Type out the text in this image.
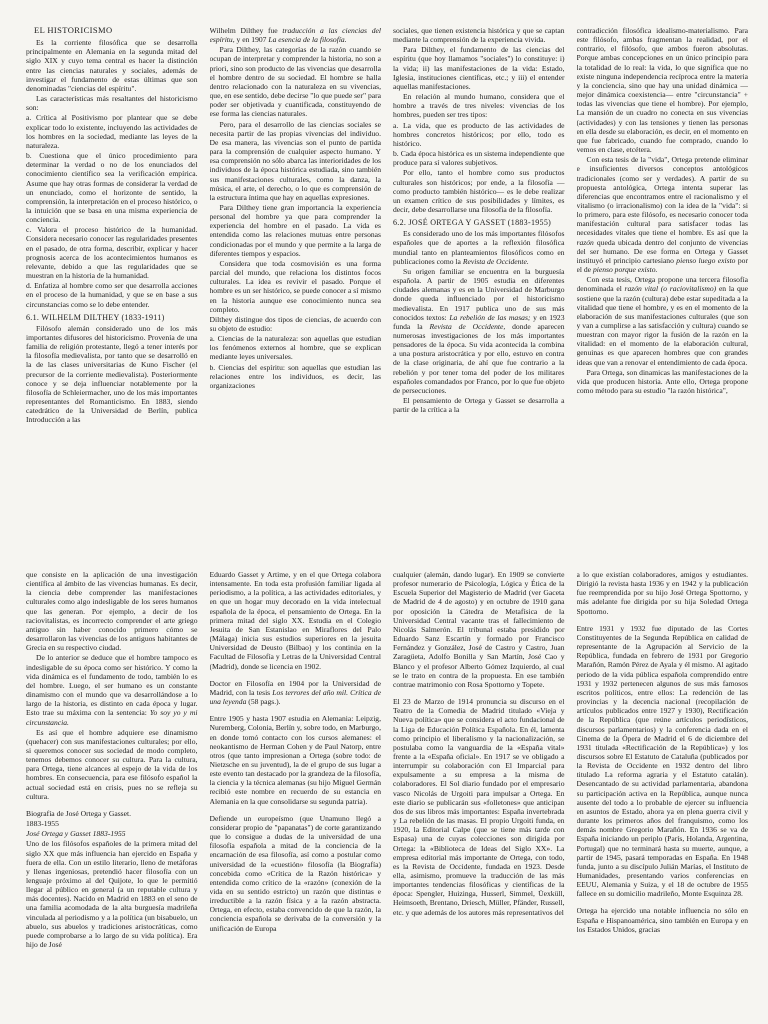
EL HISTORICISMO

Es la corriente filosófica que se desarrolla principalmente en Alemania en la segunda mitad del siglo XIX y cuyo tema central es hacer la distinción entre las ciencias naturales y sociales, además de investigar el fundamento de estas últimas que son denominadas "ciencias del espíritu".

Las características más resaltantes del historicismo son:

a. Crítica al Positivismo por plantear que se debe explicar todo lo existente, incluyendo las actividades de los hombres en la sociedad, mediante las leyes de la naturaleza.

b. Cuestiona que el único procedimiento para determinar la verdad o no de los enunciados del conocimiento científico sea la verificación empírica. Asume que hay otras formas de considerar la verdad de un enunciado, como el horizonte de sentido, la comprensión, la interpretación en el proceso histórico, o la intuición que se basa en una misma experiencia de conciencia.

c. Valora el proceso histórico de la humanidad. Considera necesario conocer las regularidades presentes en el pasado, de otra forma, describir, explicar y hacer prognosis acerca de los acontecimientos humanos es relevante, debido a que las regularidades que se muestran en la historia de la humanidad.

d. Enfatiza al hombre como ser que desarrolla acciones en el proceso de la humanidad, y que se en base a sus circunstancias como se lo debe entender.

6.1. WILHELM DILTHEY (1833-1911)

Filósofo alemán considerado uno de los más importantes difusores del historicismo. Provenía de una familia de religión protestante, llegó a tener interés por la filosofía medievalista, por tanto que se desarrolló en la de las clases universitarias de Kuno Fischer (el precursor de la corriente medievalista). Posteriormente conoce y se deja influenciar notablemente por la filosofía de Schleiermacher, uno de los más importantes representantes del Romanticismo. En 1883, siendo catedrático de la Universidad de Berlín, publica Introducción a las

Wilhelm Dilthey fue traducción a las ciencias del espíritu, y en 1907 La esencia de la filosofía.

Para Dilthey, las categorías de la razón cuando se ocupan de interpretar y comprender la historia, no son a priori, sino son producto de las vivencias que desarrolla el hombre dentro de su sociedad. El hombre se halla dentro relacionado con la naturaleza en su vivencias, que, en ese sentido, debe decirse "lo que puede ser" para poder ser objetivada y cuantificada, constituyendo de ese forma las ciencias naturales.

Pero, para el desarrollo de las ciencias sociales se necesita partir de las propias vivencias del individuo. De esa manera, las vivencias son el punto de partida para la comprensión de cualquier aspecto humano. Y esa comprensión no sólo abarca las interioridades de los individuos de la época histórica estudiada, sino también sus manifestaciones culturales, como la danza, la música, el arte, el derecho, o lo que es comprensión de la estructura íntima que hay en aquellas expresiones.

Para Dilthey tiene gran importancia la experiencia personal del hombre ya que para comprender la experiencia del hombre en el pasado. La vida es entendida como las relaciones mutuas entre personas condicionadas por el mundo y que permite a la larga de diferentes tiempos y espacios.

Considera que toda cosmovisión es una forma parcial del mundo, que relaciona los distintos focos culturales. La idea es revivir el pasado. Porque el hombre es un ser histórico, se puede conocer a sí mismo en la historia aunque ese conocimiento nunca sea completo.

Dilthey distingue dos tipos de ciencias, de acuerdo con su objeto de estudio:

a. Ciencias de la naturaleza: son aquellas que estudian los fenómenos externos al hombre, que se explican mediante leyes universales.

b. Ciencias del espíritu: son aquellas que estudian las relaciones entre los individuos, es decir, las organizaciones

sociales, que tienen existencia histórica y que se captan mediante la comprensión de la experiencia vivida.

Para Dilthey, el fundamento de las ciencias del espíritu (que hoy llamamos "sociales") lo constituye: i) la vida; ii) las manifestaciones de la vida: Estado, Iglesia, instituciones científicas, etc.; y iii) el entender aquellas manifestaciones.

En relación al mundo humano, considera que el hombre a través de tres niveles: vivencias de los hombres, pueden ser tres tipos:

a. La vida, que es producto de las actividades de hombres concretos históricos; por ello, todo es histórico.

b. Cada época histórica es un sistema independiente que produce para sí valores subjetivos.

Por ello, tanto el hombre como sus productos culturales son históricos; por ende, a la filosofía —como producto también histórico— es le debe realizar un examen crítico de sus posibilidades y límites, es decir, debe desarrollarse una filosofía de la filosofía.

6.2. JOSÉ ORTEGA Y GASSET (1883-1955)

Es considerado uno de los más importantes filósofos españoles que de aportes a la reflexión filosófica mundial tanto en planteamientos filosóficos como en publicaciones como la Revista de Occidente.

Su origen familiar se encuentra en la burguesía española. A partir de 1905 estudia en diferentes ciudades alemanas y es en la Universidad de Marburgo donde queda influenciado por el historicismo medievalista. En 1917 publica uno de sus más conocidos textos: La rebelión de las masas; y en 1923 funda la Revista de Occidente, donde aparecen numerosas investigaciones de los más importantes pensadores de la época. Su vida acontecida la combina a una postura aristocrática y por ello, estuvo en contra de la clase originaria, de ahí que fue contrario a la rebelión y por tener toma del poder de los militares españoles comandados por Franco, por lo que fue objeto de persecuciones.

El pensamiento de Ortega y Gasset se desarrolla a partir de la crítica a la

contradicción filosófica idealismo-materialismo. Para este filósofo, ambas fragmentan la realidad, por el contrario, el filósofo, que ambos fueron absolutas. Porque ambas concepciones en un único principio para la totalidad de lo real: la vida, lo que significa que no existe ninguna independencia recíproca entre la materia y la conciencia, sino que hay una unidad dinámica —mejor dinámica coexistencia— entre "circunstancia" + todas las vivencias que tiene el hombre). Por ejemplo, La mansión de un cuadro no conecta en sus vivencias (actividades) y con las tensiones y tienen las personas en ella desde su elaboración, es decir, en el momento en que fue fabricado, cuando fue comprado, cuando lo vemos en clase, etcétera.

Con esta tesis de la "vida", Ortega pretende eliminar e insuficientes diversos conceptos antológicos tradicionales (como ser y verdades). A partir de su propuesta antológica, Ortega intenta superar las diferencias que encontramos entre el racionalismo y el vitalismo (o irracionalismo) con la idea de la "vida": si lo primero, para este filósofo, es necesario conocer toda manifestación cultural para satisfacer todas las necesidades vitales que tiene el hombre. Es así que la razón queda ubicada dentro del conjunto de vivencias del ser humano. De ese forma en Ortega y Gasset instituyó el principio cartesiano pienso luego existo por el de pienso porque existo.

Con esta tesis, Ortega propone una tercera filosofía denominada el razón vital (o raciovitalismo) en la que sostiene que la razón (cultura) debe estar supeditada a la vitalidad que tiene el hombre, y es en el momento de la elaboración de sus manifestaciones culturales (que son y van a cumplirse a las satisfacción y cultura) cuando se muestran con mayor rigor la fusión de la razón en la vitalidad: en el momento de la elaboración cultural, genuinas es que aparecen hombres que con grandes ideas que van a renovar el entendimiento de cada época.

Para Ortega, son dinamicas las manifestaciones de la vida que producen historia. Ante ello, Ortega propone como método para su estudio "la razón histórica",

que consiste en la aplicación de una investigación científica al ámbito de las vivencias humanas. Es decir, la ciencia debe comprender las manifestaciones culturales como algo indesligable de los seres humanos que las generan. Por ejemplo, a decir de los raciovitalistas, es incorrecto comprender el arte griego antiguo sin haber conocido primero cómo se desarrollaron las vivencias de los antiguos habitantes de Grecia en su respectivo ciudad.

De lo anterior se deduce que el hombre tampoco es indesligable de su época como ser histórico. Y como la vida dinámica es el fundamento de todo, también lo es del hombre. Luego, el ser humano es un constante dinamismo con el mundo que va desarrollándose a lo largo de la historia, es distinto en cada época y lugar. Esto trae su máxima con la sentencia: Yo soy yo y mi circunstancia.

Es así que el hombre adquiere ese dinamismo (quehacer) con sus manifestaciones culturales; por ello, si queremos conocer sus sociedad de modo completo, tenemos debemos conocer su cultura. Para la cultura, para Ortega, tiene alcances al espejo de la vida de los hombres. En consecuencia, para ese filósofo español la actual sociedad está en crisis, pues no se refleja su cultura.

Biografía de José Ortega y Gasset.

1883-1955

José Ortega y Gasset 1883-1955

Uno de los filósofos españoles de la primera mitad del siglo XX que más influencia han ejercido en España y fuera de ella. Con un estilo literario, lleno de metáforas y llenas ingeniosas, pretendió hacer filosofía con un lenguaje próximo al del Quijote, lo que le permitió llegar al público en general (a un reputable cultura y más docentes). Nacido en Madrid en 1883 en el seno de una familia acomodada de la alta burguesía madrileña vinculada al periodismo y a la política (un bisabuelo, un abuelo, sus abuelos y tradiciones aristocráticas, como puede comprobarse a lo largo de su vida política). Era hijo de José

Eduardo Gasset y Artime, y en el que Ortega colabora intensamente. En toda esta profusión familiar ligada al periodismo, a la política, a las actividades editoriales, y en que un hogar muy decorado en la vida intelectual española de la época, el pensamiento de Ortega. En la primera mitad del siglo XX. Estudia en el Colegio Jesuita de San Estanislao en Miraflores del Palo (Málaga) inicia sus estudios superiores en la jesuita Universidad de Deusto (Bilbao) y los continúa en la Facultad de Filosofía y Letras de la Universidad Central (Madrid), donde se licencia en 1902.

Doctor en Filosofía en 1904 por la Universidad de Madrid, con la tesis Los terrores del año mil. Crítica de una leyenda (58 pags.).

Entre 1905 y hasta 1907 estudia en Alemania: Leipzig, Nuremberg, Colonia, Berlín y, sobre todo, en Marburgo, en donde tomó contacto con los cursos alemanes: el neokantismo de Herman Cohen y de Paul Natorp, entre otros (que tanto impresionan a Ortega (sobre todo: de Nietzsche en su juventud), la de el grupo de sus lugar a este evento tan destacado por la grandeza de la filosofía, la ciencia y la técnica alemanas (su hijo Miguel Germán recibió este nombre en recuerdo de su estancia en Alemania en la que consolidarse su segunda patria).

Defiende un europeísmo (que Unamuno llegó a considerar propio de "papanatas") de corte garantizando que lo consigue a dudas de la universidad de una filosofía española a mitad de la conciencia de la encarnación de esa filosofía, así como a postular como universidad de la «cuestión» filosofía (la Biografía) concebida como «Crítica de la Razón histórica» y entendida como crítico de la «razón» (conexión de la vida en su sentido estricto) un razón que distintas e irreductible a la razón física y a la razón abstracta. Ortega, en efecto, estaba convencido de que la razón, la conciencia española se derivaba de la conversión y la unificación de Europa

cualquier (alemán, dando lugar). En 1909 se convierte profesor numerario de Psicología, Lógica y Ética de la Escuela Superior del Magisterio de Madrid (ver Gaceta de Madrid de 4 de agosto) y en octubre de 1910 gana por oposición la Cátedra de Metafísica de la Universidad Central vacante tras el fallecimiento de Nicolás Salmerón. El tribunal estaba presidido por Eduardo Sanz Escartín y formado por Francisco Fernández y González, José de Castro y Castro, Juan Zaragüeta, Adolfo Bonilla y San Martín, José Cao y Blanco y el profesor Alberto Gómez Izquierdo, al cual se le trato en contra de la propuesta. En ese también contrae matrimonio con Rosa Spottorno y Topete.

El 23 de Marzo de 1914 pronuncia su discurso en el Teatro de la Comedia de Madrid titulado «Vieja y Nueva política» que se considera el acto fundacional de la Liga de Educación Política Española. En él, lamenta como principio el liberalismo y la nacionalización, se postulaba como la vanguardia de la «España vital» frente a la «España oficial». En 1917 se ve obligado a interrumpir su colaboración con El Imparcial para expulsamente a su empresa a la misma de colaboradores. El Sol diario fundado por el empresario vasco Nicolás de Urgoiti para impulsar a Ortega. En este diario se publicarán sus «folletones» que anticipan dos de sus libros más importantes: España invertebrada y La rebelión de las masas. El propio Urgoiti funda, en 1920, la Editorial Calpe (que se tiene más tarde con Espasa) una de cuyas colecciones son dirigida por Ortega: la «Biblioteca de Ideas del Siglo XX». La empresa editorial más importante de Ortega, con todo, es la Revista de Occidente, fundada en 1923. Desde ella, asimismo, promueve la traducción de las más importantes tendencias filosóficas y científicas de la época: Spengler, Huizinga, Husserl, Simmel, Üexküll, Heimsoeth, Brentano, Driesch, Müller, Pfänder, Russell, etc. y que además de los autores más representativos del

a lo que existían colaboradores, amigos y estudiantes. Dirigió la revista hasta 1936 y en 1942 y la publicación fue reemprendida por su hijo José Ortega Spottorno, y más adelante fue dirigida por su hija Soledad Ortega Spottorno.

Entre 1931 y 1932 fue diputado de las Cortes Constituyentes de la Segunda República en calidad de representante de la Agrupación al Servicio de la República, fundada en febrero de 1931 por Gregorio Marañón, Ramón Pérez de Ayala y él mismo. Al agitado periodo de la vida pública española comprendido entre 1931 y 1932 pertenecen algunos de sus más famosos escritos políticos, entre ellos: La redención de las provincias y la decencia nacional (recopilación de artículos publicados entre 1927 y 1930), Rectificación de la República (que reúne artículos periodísticos, discursos parlamentarios) y la conferencia dada en el Cinema de la Ópera de Madrid el 6 de diciembre del 1931 titulada «Rectificación de la República») y los discursos sobre El Estatuto de Cataluña (publicados por la Revista de Occidente en 1932 dentro del libro titulado La reforma agraria y el Estatuto catalán). Desencantado de su actividad parlamentaria, abandona su participación activa en la República, aunque nunca ausente del todo a lo probable de ejercer su influencia en asuntos de Estado, ahora ya en plena guerra civil y durante los primeros años del franquismo, como los demás nombre Gregorio Marañón. En 1936 se va de España iniciando un periplo (París, Holanda, Argentina, Portugal) que no terminará hasta su muerte, aunque, a partir de 1945, pasará temporadas en España. En 1948 funda, junto a su discípulo Julián Marías, el Instituto de Humanidades, presentando varios conferencias en EEUU, Alemania y Suiza, y el 18 de octubre de 1955 fallece en su domicilio madrileño, Monte Esquinza 28.

Ortega ha ejercido una notable influencia no sólo en España e Hispanoamérica, sino también en Europa y en los Estados Unidos, gracias
